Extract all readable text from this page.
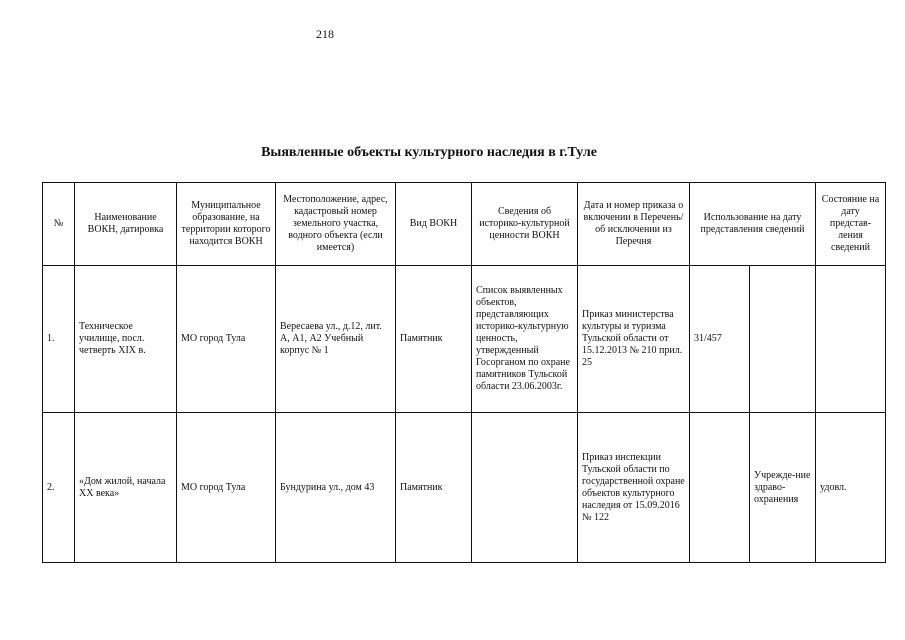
218
Выявленные объекты культурного наследия в г.Туле
№	Наименование ВОКН, датировка	Муниципальное образование, на территории которого находится ВОКН	Местоположение, адрес, кадастровый номер земельного участка, водного объекта (если имеется)	Вид ВОКН	Сведения об историко-культурной ценности ВОКН	Дата и номер приказа о включении в Перечень/ об исключении из Перечня	Использование на дату представления сведений		Состояние на дату представ-ления сведений
1.	Техническое училище, посл. четверть XIX в.	МО город Тула	Вересаева ул., д.12, лит. А, А1, А2 Учебный корпус № 1	Памятник	Список выявленных объектов, представляющих историко-культурную ценность, утвержденный Госорганом по охране памятников Тульской области 23.06.2003г.	Приказ министерства культуры и туризма Тульской области от 15.12.2013 № 210 прил. 25	31/457		
2.	«Дом жилой, начала XX века»	МО город Тула	Бундурина ул., дом 43	Памятник		Приказ инспекции Тульской области по государственной охране объектов культурного наследия от 15.09.2016 № 122		Учрежде-ние здраво-охранения	удовл.
